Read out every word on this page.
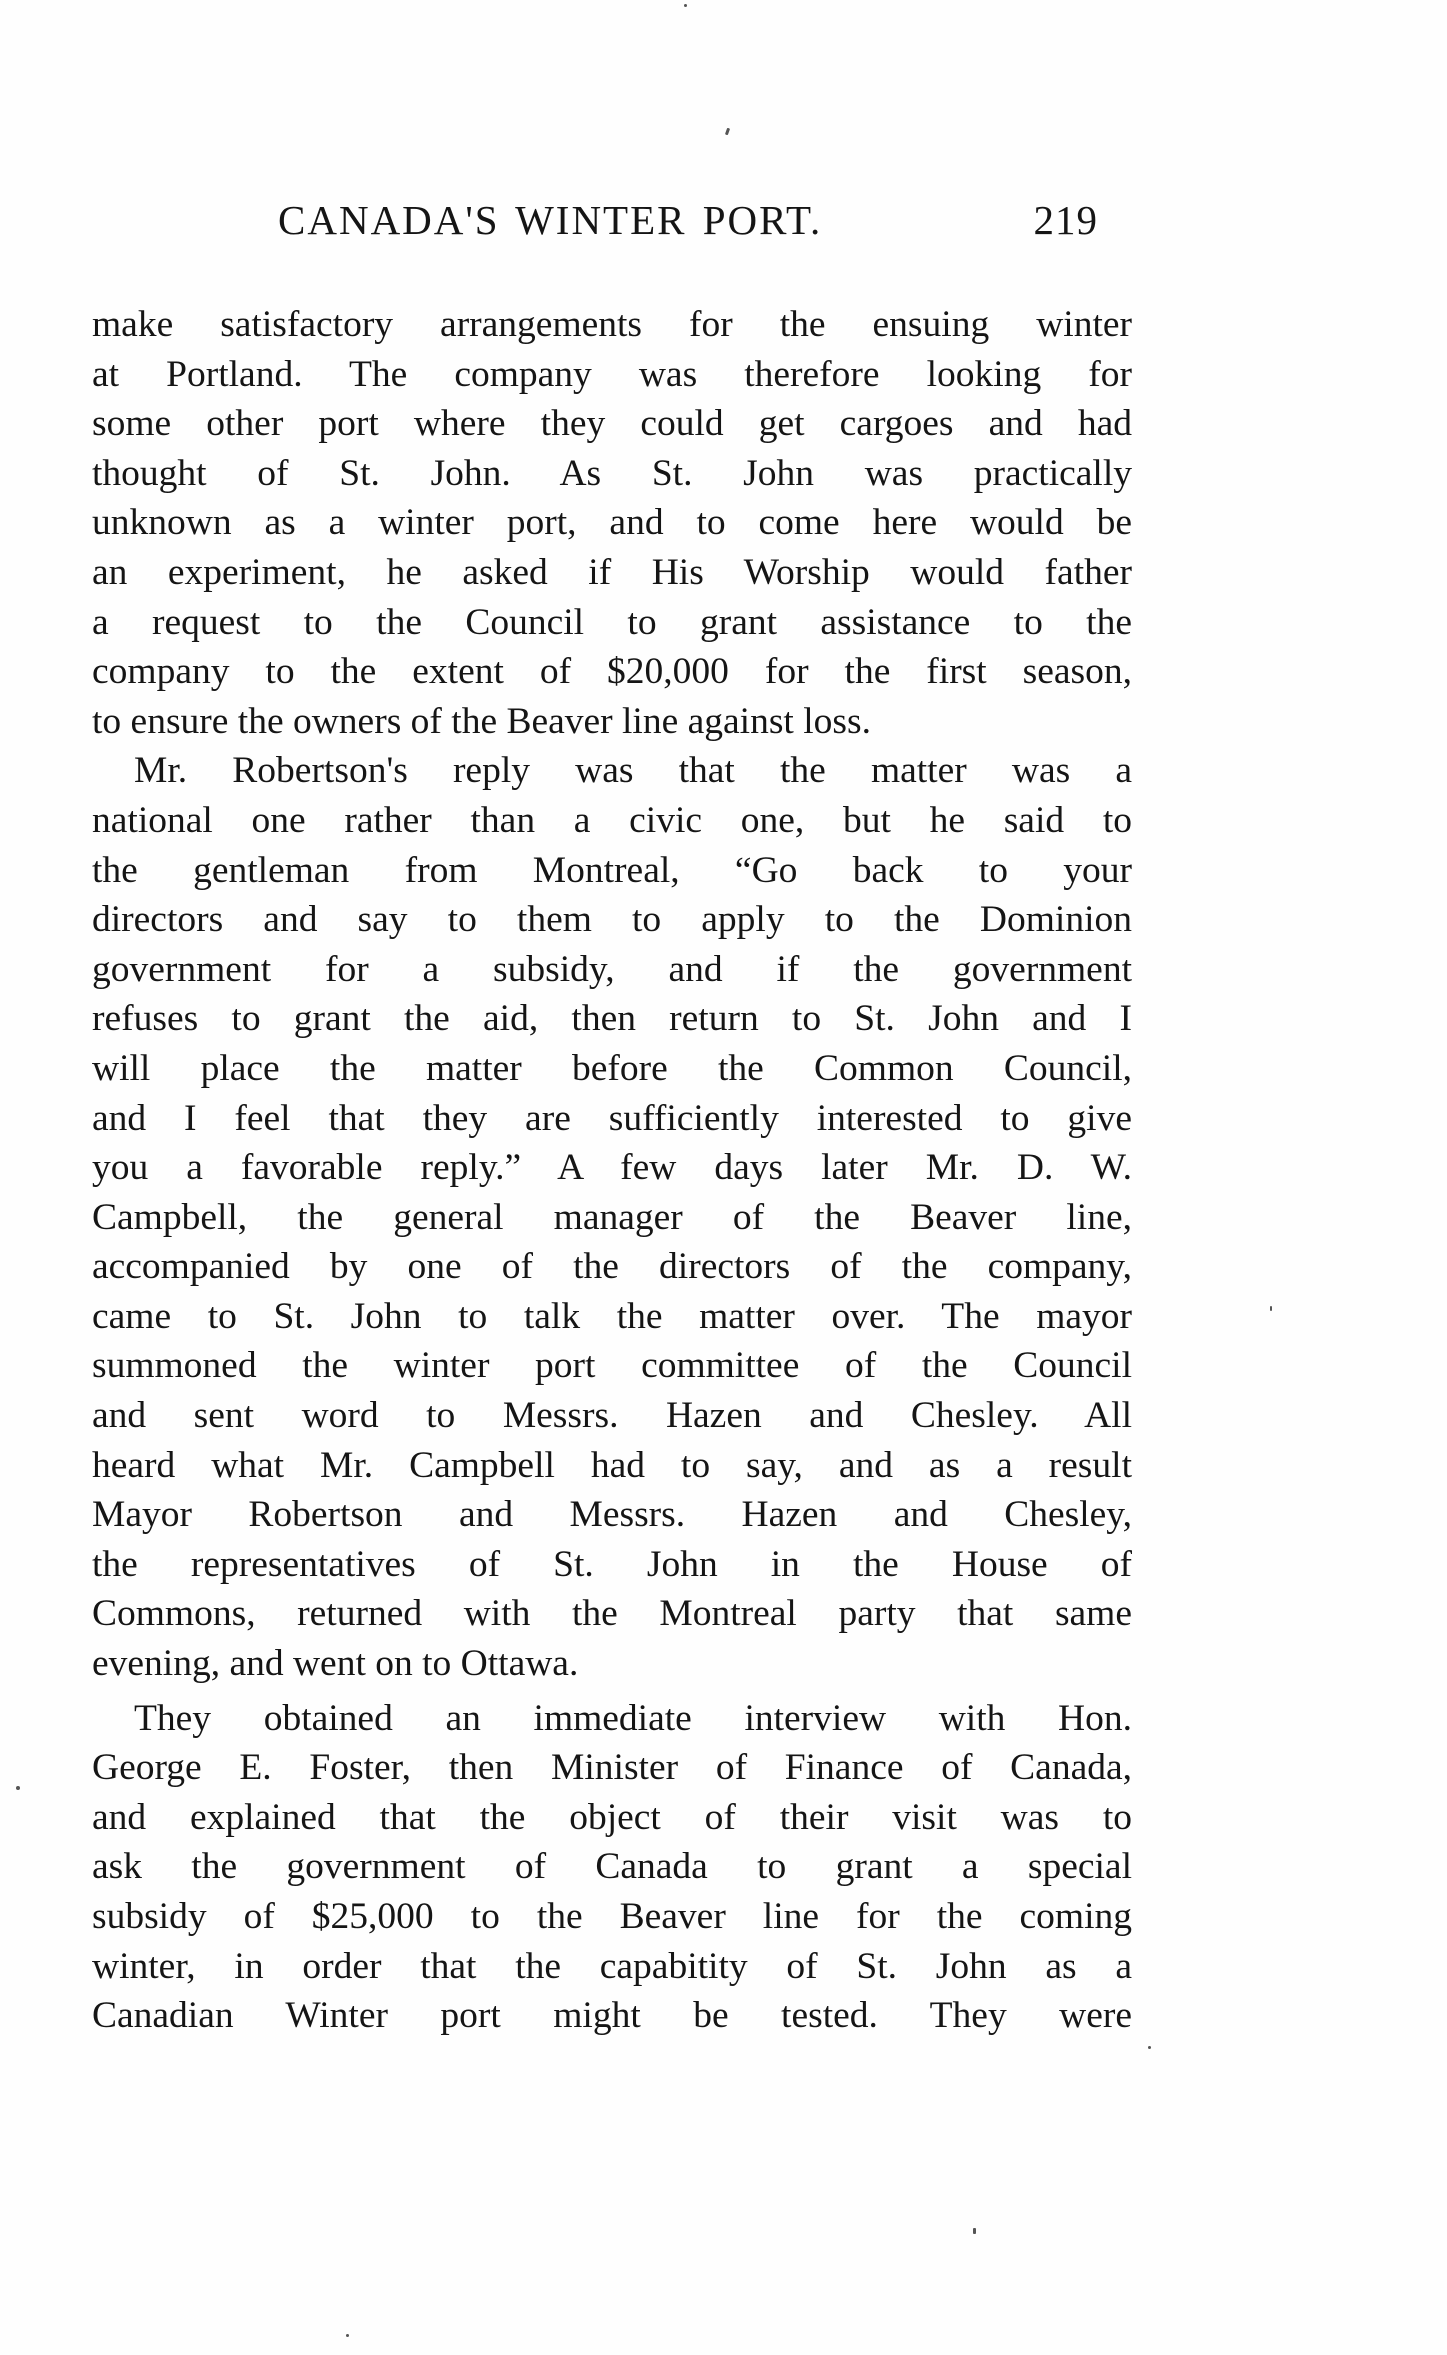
CANADA'S WINTER PORT.	219
make satisfactory arrangements for the ensuing winter
at Portland. The company was therefore looking for
some other port where they could get cargoes and had
thought of St. John. As St. John was practically
unknown as a winter port, and to come here would be
an experiment, he asked if His Worship would father
a request to the Council to grant assistance to the
company to the extent of $20,000 for the first season,
to ensure the owners of the Beaver line against loss.
Mr. Robertson's reply was that the matter was a
national one rather than a civic one, but he said to
the gentleman from Montreal, “Go back to your
directors and say to them to apply to the Dominion
government for a subsidy, and if the government
refuses to grant the aid, then return to St. John and I
will place the matter before the Common Council,
and I feel that they are sufficiently interested to give
you a favorable reply.” A few days later Mr. D. W.
Campbell, the general manager of the Beaver line,
accompanied by one of the directors of the company,
came to St. John to talk the matter over. The mayor
summoned the winter port committee of the Council
and sent word to Messrs. Hazen and Chesley. All
heard what Mr. Campbell had to say, and as a result
Mayor Robertson and Messrs. Hazen and Chesley,
the representatives of St. John in the House of
Commons, returned with the Montreal party that same
evening, and went on to Ottawa.
They obtained an immediate interview with Hon.
George E. Foster, then Minister of Finance of Canada,
and explained that the object of their visit was to
ask the government of Canada to grant a special
subsidy of $25,000 to the Beaver line for the coming
winter, in order that the capabitity of St. John as a
Canadian Winter port might be tested. They were
